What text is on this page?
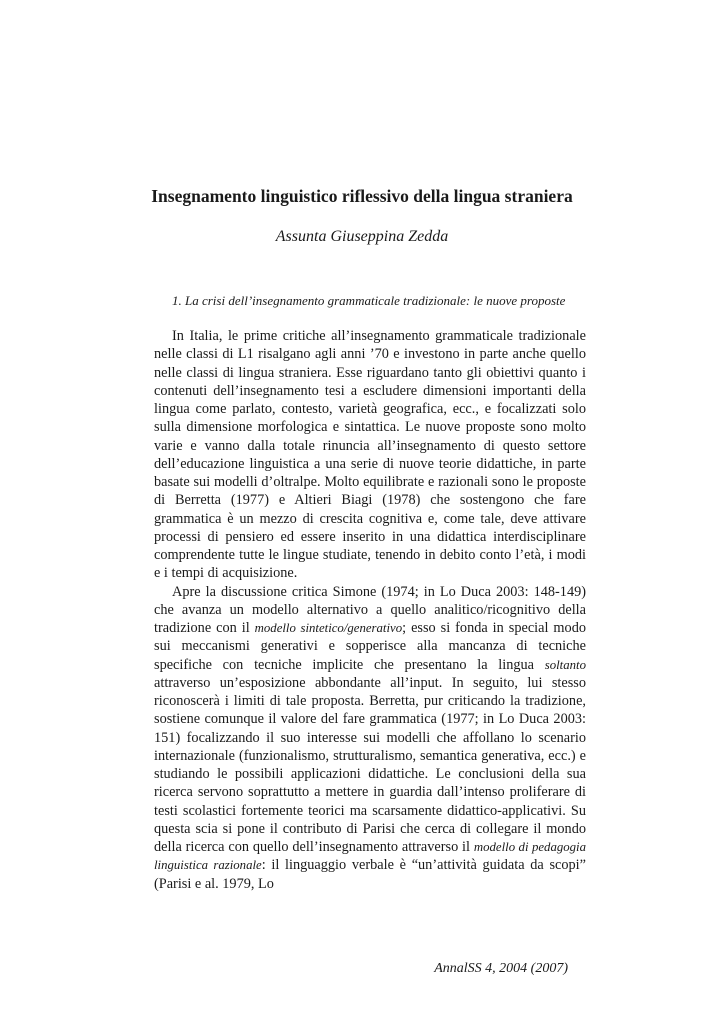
Insegnamento linguistico riflessivo della lingua straniera

Assunta Giuseppina Zedda

1. La crisi dell’insegnamento grammaticale tradizionale: le nuove proposte

In Italia, le prime critiche all’insegnamento grammaticale tradizionale nelle classi di L1 risalgano agli anni ’70 e investono in parte anche quello nelle classi di lingua straniera. Esse riguardano tanto gli obiettivi quanto i contenuti dell’insegnamento tesi a escludere dimensioni importanti della lingua come parlato, contesto, varietà geografica, ecc., e focalizzati solo sulla dimensione morfologica e sintattica. Le nuove proposte sono molto varie e vanno dalla totale rinuncia all’insegnamento di questo settore dell’educazione linguistica a una serie di nuove teorie didattiche, in parte basate sui modelli d’oltralpe. Molto equilibrate e razionali sono le proposte di Berretta (1977) e Altieri Biagi (1978) che sostengono che fare grammatica è un mezzo di crescita cognitiva e, come tale, deve attivare processi di pensiero ed essere inserito in una didattica interdisciplinare comprendente tutte le lingue studiate, tenendo in debito conto l’età, i modi e i tempi di acquisizione.

Apre la discussione critica Simone (1974; in Lo Duca 2003: 148-149) che avanza un modello alternativo a quello analitico/ricognitivo della tradizione con il modello sintetico/generativo; esso si fonda in special modo sui meccanismi generativi e sopperisce alla mancanza di tecniche specifiche con tecniche implicite che presentano la lingua soltanto attraverso un’esposizione abbondante all’input. In seguito, lui stesso riconoscerà i limiti di tale proposta. Berretta, pur criticando la tradizione, sostiene comunque il valore del fare grammatica (1977; in Lo Duca 2003: 151) focalizzando il suo interesse sui modelli che affollano lo scenario internazionale (funzionalismo, strutturalismo, semantica generativa, ecc.) e studiando le possibili applicazioni didattiche. Le conclusioni della sua ricerca servono soprattutto a mettere in guardia dall’intenso proliferare di testi scolastici fortemente teorici ma scarsamente didattico-applicativi. Su questa scia si pone il contributo di Parisi che cerca di collegare il mondo della ricerca con quello dell’insegnamento attraverso il modello di pedagogia linguistica razionale: il linguaggio verbale è “un’attività guidata da scopi” (Parisi e al. 1979, Lo

AnnalSS 4, 2004 (2007)
